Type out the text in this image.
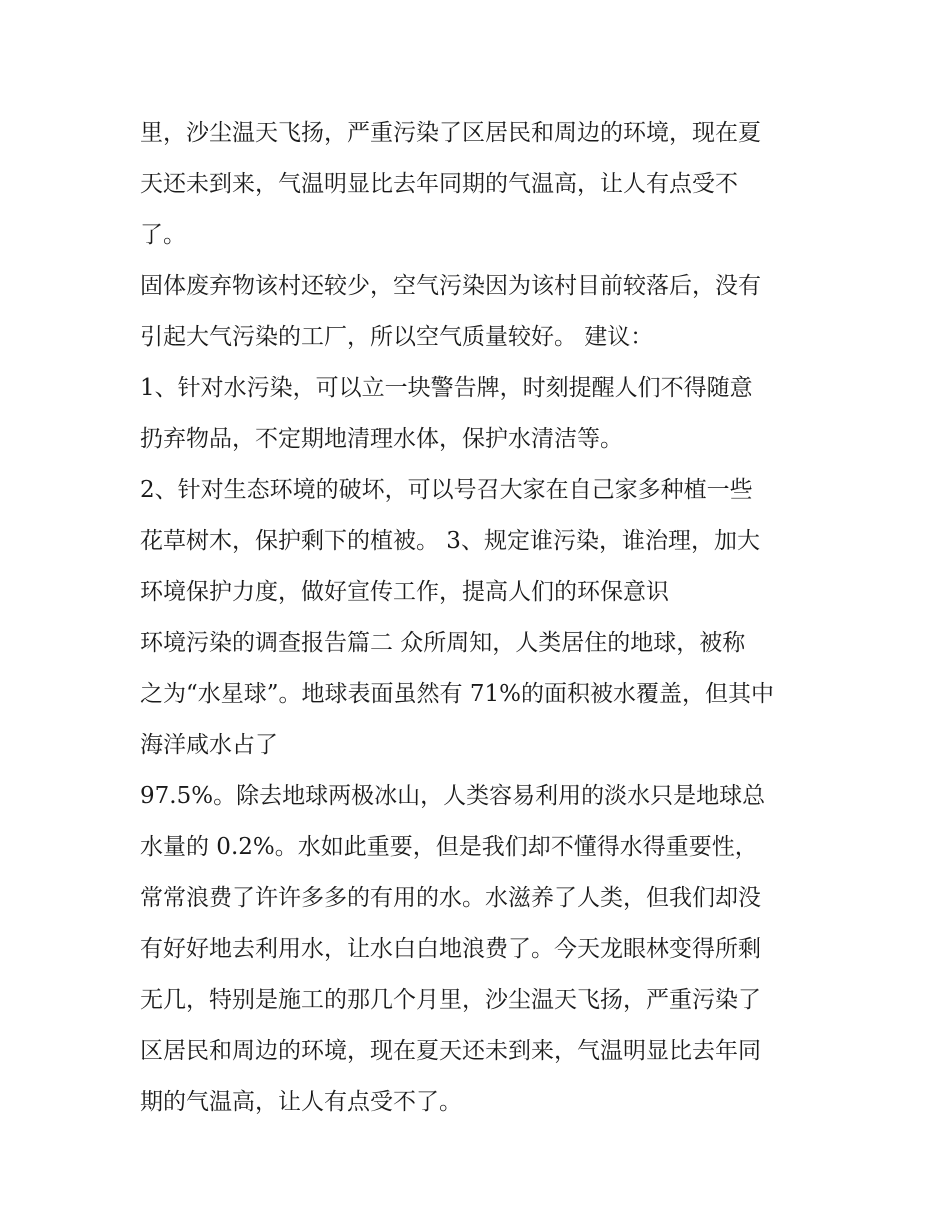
里，沙尘温天飞扬，严重污染了区居民和周边的环境，现在夏
天还未到来，气温明显比去年同期的气温高，让人有点受不
了。
固体废弃物该村还较少，空气污染因为该村目前较落后，没有
引起大气污染的工厂，所以空气质量较好。 建议：
1、针对水污染，可以立一块警告牌，时刻提醒人们不得随意
扔弃物品，不定期地清理水体，保护水清洁等。
2、针对生态环境的破坏，可以号召大家在自己家多种植一些
花草树木，保护剩下的植被。 3、规定谁污染，谁治理，加大
环境保护力度，做好宣传工作，提高人们的环保意识
环境污染的调查报告篇二 众所周知，人类居住的地球，被称
之为“水星球”。地球表面虽然有 71%的面积被水覆盖，但其中
海洋咸水占了
97.5%。除去地球两极冰山，人类容易利用的淡水只是地球总
水量的 0.2%。水如此重要，但是我们却不懂得水得重要性，
常常浪费了许许多多的有用的水。水滋养了人类，但我们却没
有好好地去利用水，让水白白地浪费了。今天龙眼林变得所剩
无几，特别是施工的那几个月里，沙尘温天飞扬，严重污染了
区居民和周边的环境，现在夏天还未到来，气温明显比去年同
期的气温高，让人有点受不了。
